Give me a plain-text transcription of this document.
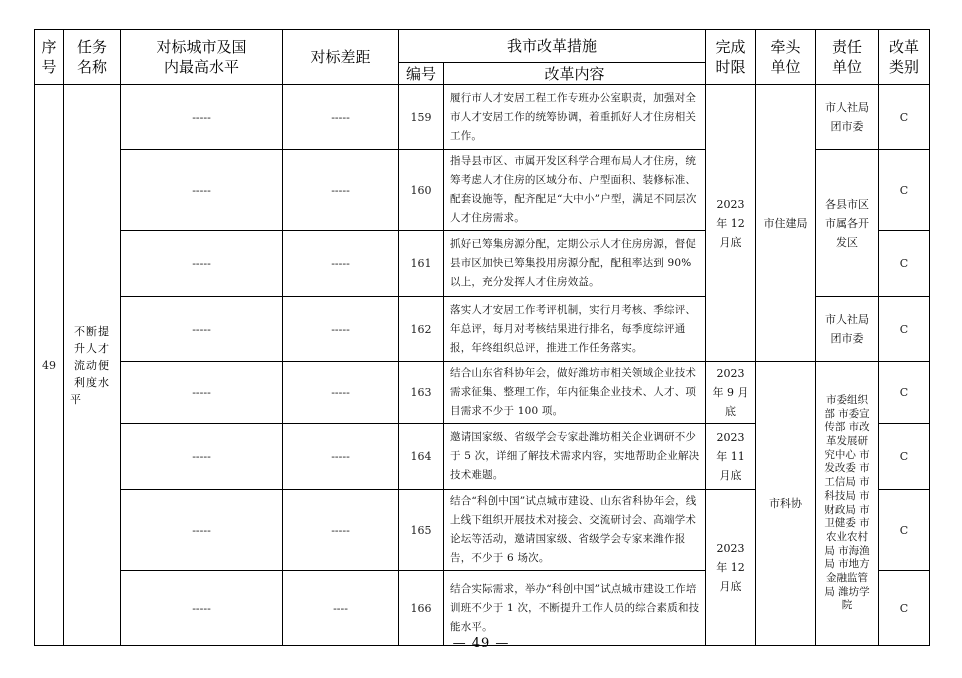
序号	任务名称	对标城市及国内最高水平	对标差距	我市改革措施		完成时限	牵头单位	责任单位	改革类别
				编号	改革内容				
49	不断提升人才流动便利度水平	-----	-----	159	履行市人才安居工程工作专班办公室职责，加强对全市人才安居工作的统筹协调，着重抓好人才住房相关工作。	2023 年 12 月底	市住建局	市人社局 团市委	C
		-----	-----	160	指导县市区、市属开发区科学合理布局人才住房，统筹考虑人才住房的区域分布、户型面积、装修标准、配套设施等，配齐配足“大中小”户型，满足不同层次人才住房需求。			各县市区 市属各开发区	C
		-----	-----	161	抓好已筹集房源分配，定期公示人才住房房源，督促县市区加快已筹集投用房源分配，配租率达到 90%以上，充分发挥人才住房效益。				C
		-----	-----	162	落实人才安居工作考评机制，实行月考核、季综评、年总评，每月对考核结果进行排名，每季度综评通报，年终组织总评，推进工作任务落实。			市人社局 团市委	C
		-----	-----	163	结合山东省科协年会，做好潍坊市相关领域企业技术需求征集、整理工作，年内征集企业技术、人才、项目需求不少于 100 项。	2023 年 9 月底	市科协	市委组织部 市委宣传部 市改革发展研究中心 市发改委 市工信局 市科技局 市财政局 市卫健委 市农业农村局 市海渔局 市地方金融监管局 潍坊学院	C
		-----	-----	164	邀请国家级、省级学会专家赴潍坊相关企业调研不少于 5 次，详细了解技术需求内容，实地帮助企业解决技术难题。	2023 年 11 月底			C
		-----	-----	165	结合“科创中国”试点城市建设、山东省科协年会，线上线下组织开展技术对接会、交流研讨会、高端学术论坛等活动，邀请国家级、省级学会专家来潍作报告，不少于 6 场次。	2023 年 12 月底			C
		-----	----	166	结合实际需求，举办“科创中国”试点城市建设工作培训班不少于 1 次，不断提升工作人员的综合素质和技能水平。				C
— 49 —
